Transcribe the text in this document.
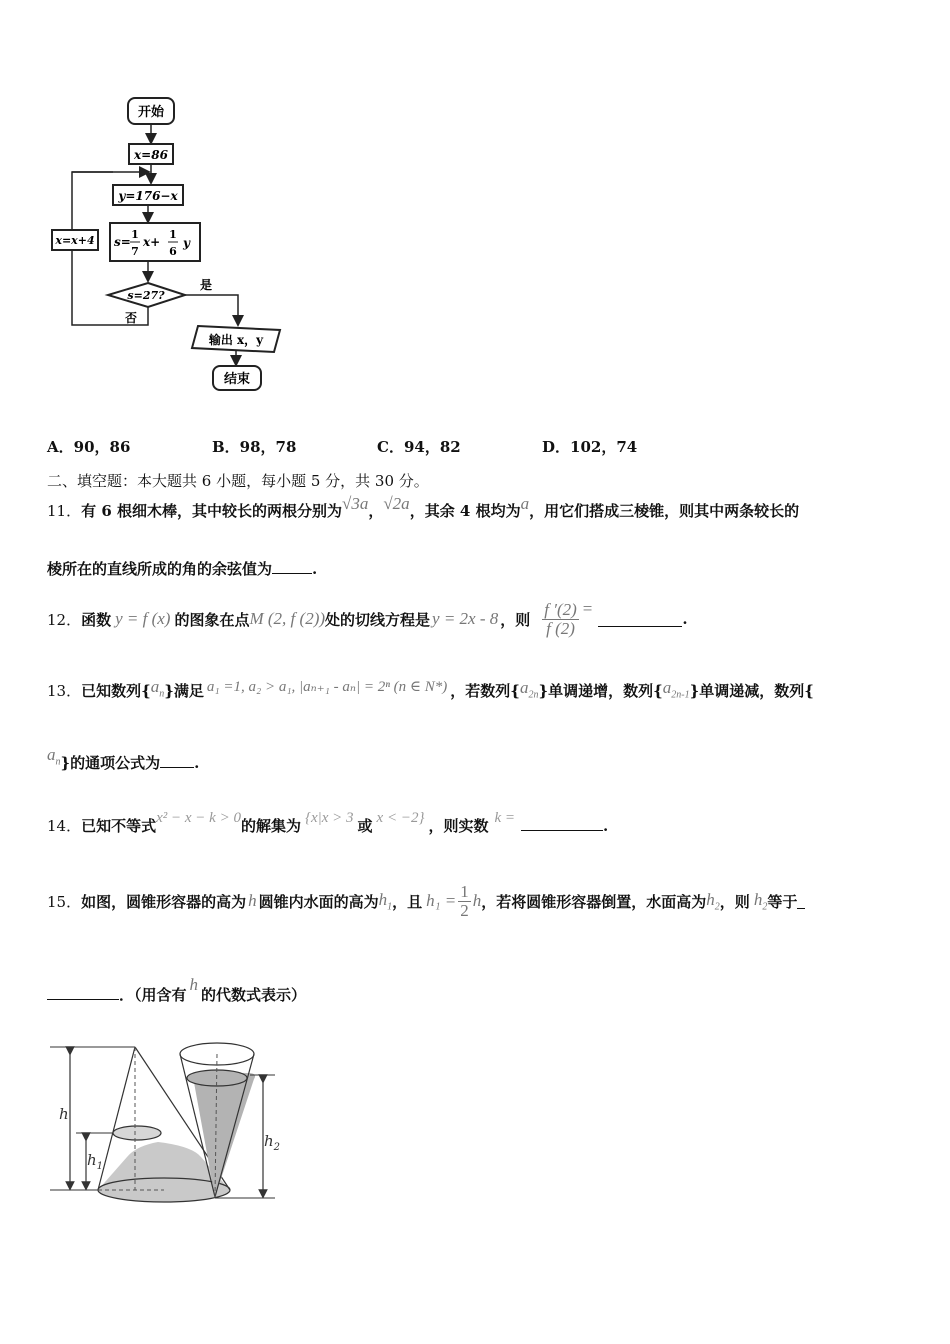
开始
x=86
y=176−x
s=
1
7
x+
1
6
y
s=27?
是
否
x=x+4
输出 x，y
结束
A．90，86	B．98，78	C．94，82	D．102，74
二、填空题：本大题共 6 小题，每小题 5 分，共 30 分。
11．有 6 根细木棒，其中较长的两根分别为√3a，√2a，其余 4 根均为a，用它们搭成三棱锥，则其中两条较长的
棱所在的直线所成的角的余弦值为	.
12． 函数 y = f (x) 的图象在点 M (2, f (2)) 处的切线方程是 y = 2x - 8 ，则 $\frac{f '(2)}{f (2)}$ =
.
13．已知数列$\{a_n\}$满足 a₁ =1, a₂ > a₁, |aₙ₊₁ - aₙ| = 2ⁿ (n ∈ N*) ，若数列$\{a_{2n}\}$单调递增，数列$\{a_{2n-1}\}$单调递减，数列{
$a_n$}的通项公式为 .
14．已知不等式x² − x − k > 0的解集为 {x|x > 3 或 x < −2} ，则实数 k =	.
15． 如图，圆锥形容器的高为 h 圆锥内水面的高为 $h_1$ ，且 $h_1 = \frac{1}{2}$ h ，若将圆锥形容器倒置，水面高为 $h_2$ ，则 $h_2$ 等于
．（用含有h的代数式表示）
h
$h_1$
$h_2$
